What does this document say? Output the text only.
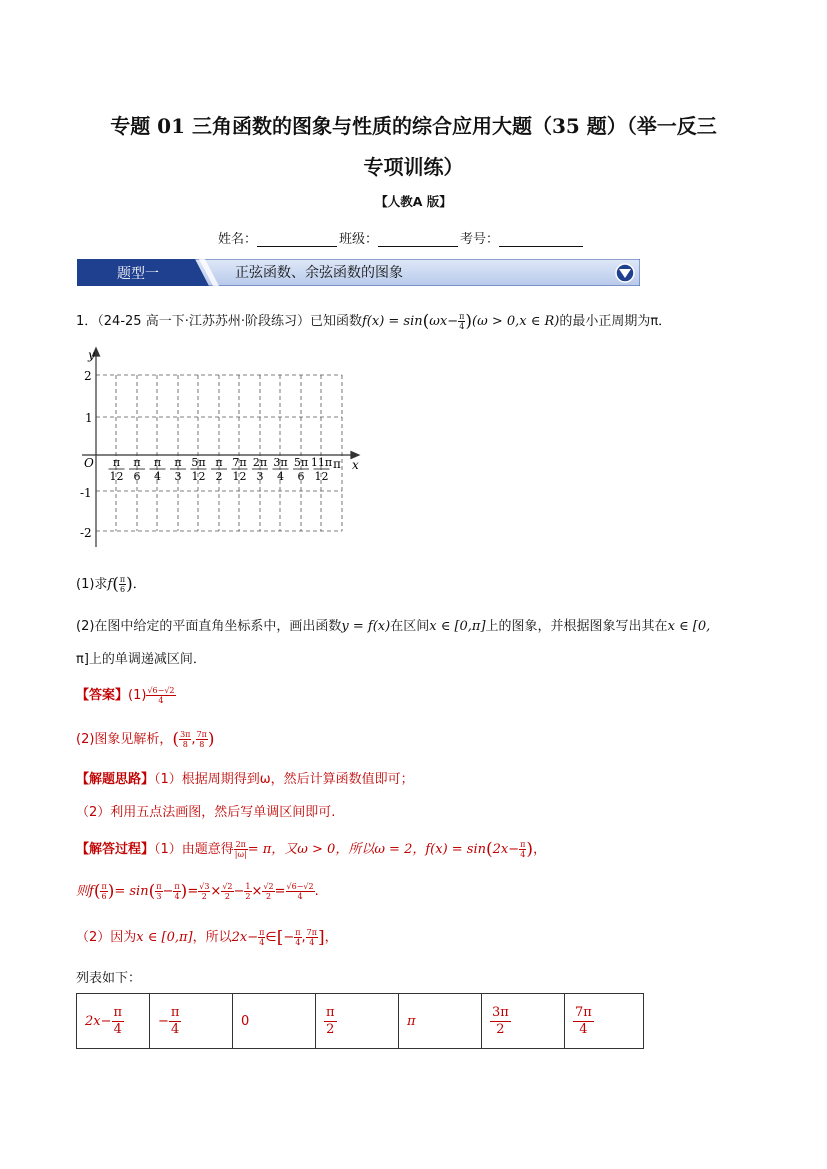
专题 01 三角函数的图象与性质的综合应用大题（35 题）（举一反三
专项训练）
【人教A 版】
姓名：	班级：	考号：
题型一	正弦函数、余弦函数的图象
1．（24-25 高一下·江苏苏州·阶段练习）已知函数$f(x) = \sin(\omega x- \frac{\pi}{4} )(\omega > 0,x$ ∈ R)的最小正周期为π．
y
x
O
2
1
-1
-2
π
12
π
6
π
4
π
3
5π
12
π
2
7π
12
2π
3
3π
4
5π
6
11π
12
π
(1)求$f( \frac{\pi}{6}$ )．
(2)在图中给定的平面直角坐标系中，画出函数y = f(x)在区间x ∈ [0,π]上的图象，并根据图象写出其在x ∈ [0,
π]上的单调递减区间．
【答案】$(1) \frac{√6-√2}{4}$
(2)图象见解析，( $\frac{3\pi}{8}$ , $\frac{7\pi}{8}$ )
【解题思路】（1）根据周期得到ω，然后计算函数值即可；
（2）利用五点法画图，然后写单调区间即可.
【解答过程】（1）由题意得 $\frac{2\pi}{|\omega|} = \pi$，又ω > 0，所以ω = 2，$f(x) = \sin(2x- \frac{\pi}{4}$ )，
则$f( \frac{\pi}{6}$ )= $\sin( \frac{\pi}{3} - \frac{\pi}{4}$ )= $\frac{√3}{2} \times \frac{√2}{2} - \frac{1}{2} \times \frac{√2}{2} = \frac{√6-√2}{4}$ .
（2）因为x ∈ [0,π]，所以$2x- \frac{\pi}{4}$ ∈[− $\frac{\pi}{4}$ , $\frac{7\pi}{4}$ ]，
列表如下：
$2x- \frac{\pi}{4}$	− $\frac{\pi}{4}$	0	$\frac{\pi}{2}$	π	$\frac{3\pi}{2}$	$\frac{7\pi}{4}$
